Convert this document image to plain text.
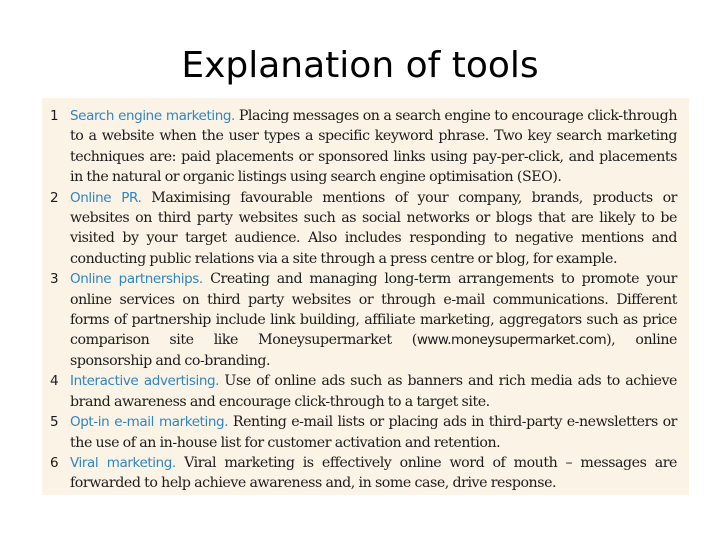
Explanation of tools
1 Search engine marketing. Placing messages on a search engine to encourage click-through to a website when the user types a specific keyword phrase. Two key search marketing techniques are: paid placements or sponsored links using pay-per-click, and placements in the natural or organic listings using search engine optimisation (SEO).
2 Online PR. Maximising favourable mentions of your company, brands, products or websites on third party websites such as social networks or blogs that are likely to be visited by your target audience. Also includes responding to negative mentions and conducting public relations via a site through a press centre or blog, for example.
3 Online partnerships. Creating and managing long-term arrangements to promote your online services on third party websites or through e-mail communications. Different forms of partnership include link building, affiliate marketing, aggregators such as price comparison site like Moneysupermarket (www.moneysupermarket.com), online sponsorship and co-branding.
4 Interactive advertising. Use of online ads such as banners and rich media ads to achieve brand awareness and encourage click-through to a target site.
5 Opt-in e-mail marketing. Renting e-mail lists or placing ads in third-party e-newsletters or the use of an in-house list for customer activation and retention.
6 Viral marketing. Viral marketing is effectively online word of mouth – messages are forwarded to help achieve awareness and, in some case, drive response.
